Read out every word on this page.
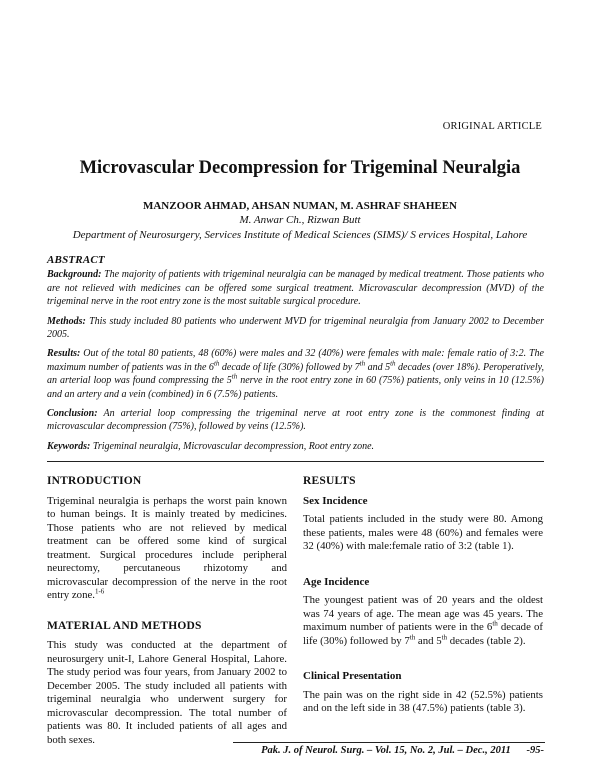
ORIGINAL ARTICLE
Microvascular Decompression for Trigeminal Neuralgia
MANZOOR AHMAD, AHSAN NUMAN, M. ASHRAF SHAHEEN
M. Anwar Ch., Rizwan Butt
Department of Neurosurgery, Services Institute of Medical Sciences (SIMS)/ S ervices Hospital, Lahore
ABSTRACT

Background: The majority of patients with trigeminal neuralgia can be managed by medical treatment. Those patients who are not relieved with medicines can be offered some surgical treatment. Microvascular decompression (MVD) of the trigeminal nerve in the root entry zone is the most suitable surgical procedure.

Methods: This study included 80 patients who underwent MVD for trigeminal neuralgia from January 2002 to December 2005.

Results: Out of the total 80 patients, 48 (60%) were males and 32 (40%) were females with male: female ratio of 3:2. The maximum number of patients was in the 6th decade of life (30%) followed by 7th and 5th decades (over 18%). Peroperatively, an arterial loop was found compressing the 5th nerve in the root entry zone in 60 (75%) patients, only veins in 10 (12.5%) and an artery and a vein (combined) in 6 (7.5%) patients.

Conclusion: An arterial loop compressing the trigeminal nerve at root entry zone is the commonest finding at microvascular decompression (75%), followed by veins (12.5%).

Keywords: Trigeminal neuralgia, Microvascular decompression, Root entry zone.

INTRODUCTION

Trigeminal neuralgia is perhaps the worst pain known to human beings. It is mainly treated by medicines. Those patients who are not relieved by medical treatment can be offered some kind of surgical treatment. Surgical procedures include peripheral neurectomy, percutaneous rhizotomy and microvascular decompression of the nerve in the root entry zone.$^{1-6}$

MATERIAL AND METHODS

This study was conducted at the department of neurosurgery unit-I, Lahore General Hospital, Lahore. The study period was four years, from January 2002 to December 2005. The study included all patients with trigeminal neuralgia who underwent surgery for microvascular decompression. The total number of patients was 80. It included patients of all ages and both sexes.

RESULTS
Sex Incidence

Total patients included in the study were 80. Among these patients, males were 48 (60%) and females were 32 (40%) with male:female ratio of 3:2 (table 1).

Age Incidence

The youngest patient was of 20 years and the oldest was 74 years of age. The mean age was 45 years. The maximum number of patients were in the 6th decade of life (30%) followed by 7th and 5th decades (table 2).

Clinical Presentation

The pain was on the right side in 42 (52.5%) patients and on the left side in 38 (47.5%) patients (table 3).

Pak. J. of Neurol. Surg. – Vol. 15, No. 2, Jul. – Dec., 2011 -95-
